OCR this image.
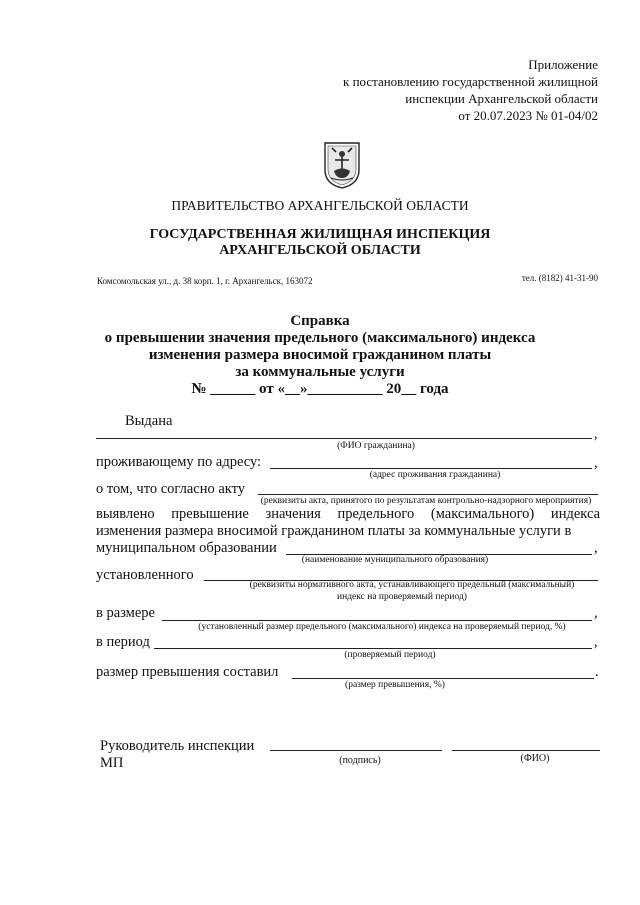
Приложение
к постановлению государственной жилищной
инспекции Архангельской области
от 20.07.2023 № 01-04/02
ПРАВИТЕЛЬСТВО АРХАНГЕЛЬСКОЙ ОБЛАСТИ
ГОСУДАРСТВЕННАЯ ЖИЛИЩНАЯ ИНСПЕКЦИЯ
АРХАНГЕЛЬСКОЙ ОБЛАСТИ
Комсомольская ул., д. 38 корп. 1, г. Архангельск, 163072	тел. (8182) 41-31-90
Справка
о превышении значения предельного (максимального) индекса
изменения размера вносимой гражданином платы
за коммунальные услуги
№ ______ от «__»__________ 20__ года
Выдана
,
(ФИО гражданина)
проживающему по адресу:	,
(адрес проживания гражданина)
о том, что согласно акту
(реквизиты акта, принятого по результатам контрольно-надзорного мероприятия)
выявлено превышение значения предельного (максимального) индекса изменения размера вносимой гражданином платы за коммунальные услуги в
муниципальном образовании	,
(наименование муниципального образования)
установленного
(реквизиты нормативного акта, устанавливающего предельный (максимальный)
индекс на проверяемый период)
в размере	,
(установленный размер предельного (максимального) индекса на проверяемый период, %)
в период	,
(проверяемый период)
размер превышения составил	.
(размер превышения, %)
Руководитель инспекции
МП	(подпись)	(ФИО)
